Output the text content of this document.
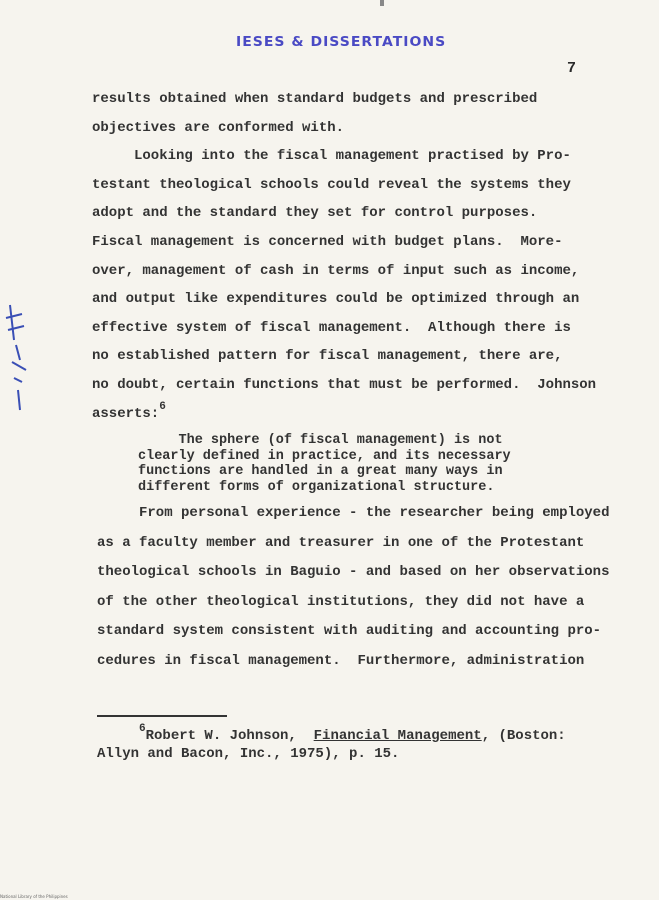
IESES & DISSERTATIONS
7
results obtained when standard budgets and prescribed
objectives are conformed with.
Looking into the fiscal management practised by Pro-
testant theological schools could reveal the systems they
adopt and the standard they set for control purposes.
Fiscal management is concerned with budget plans.  More-
over, management of cash in terms of input such as income,
and output like expenditures could be optimized through an
effective system of fiscal management.  Although there is
no established pattern for fiscal management, there are,
no doubt, certain functions that must be performed.  Johnson
asserts:$^6$
The sphere (of fiscal management) is not
clearly defined in practice, and its necessary
functions are handled in a great many ways in
different forms of organizational structure.
From personal experience - the researcher being employed
as a faculty member and treasurer in one of the Protestant
theological schools in Baguio - and based on her observations
of the other theological institutions, they did not have a
standard system consistent with auditing and accounting pro-
cedures in fiscal management.  Furthermore, administration
$^6$Robert W. Johnson, Financial Management, (Boston:
Allyn and Bacon, Inc., 1975), p. 15.
National Library of the Philippines
